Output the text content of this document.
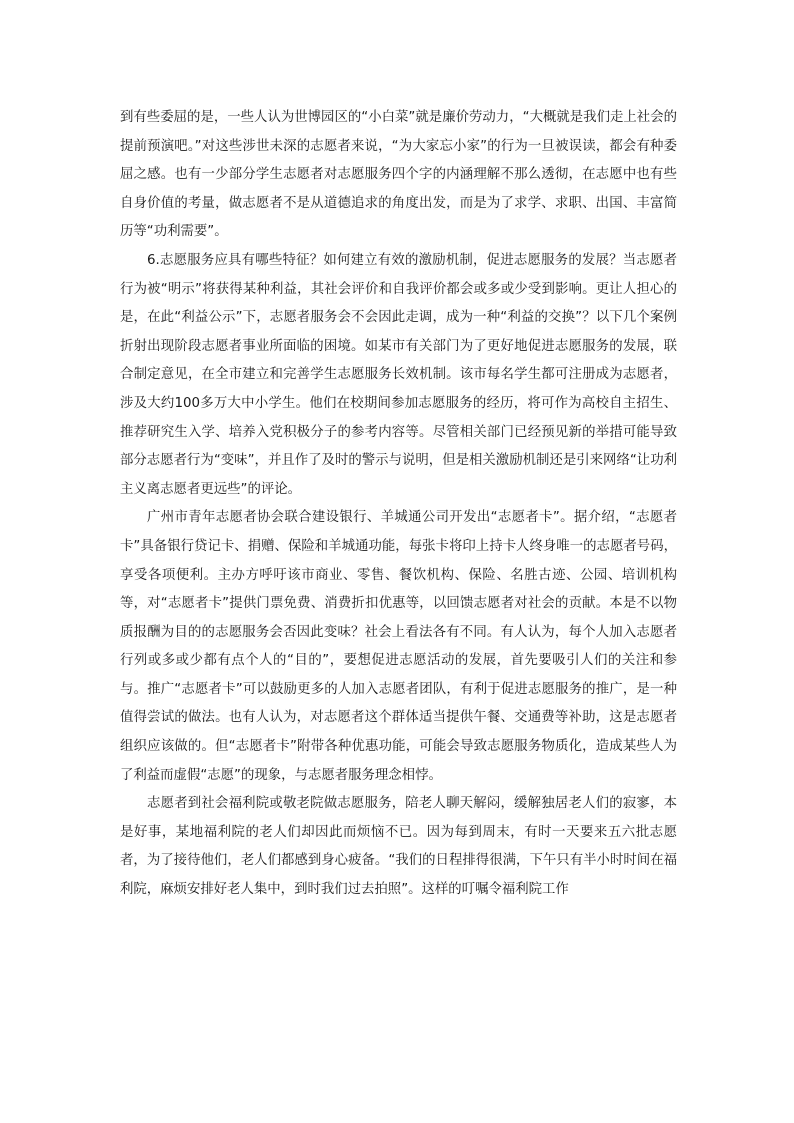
到有些委屈的是，一些人认为世博园区的“小白菜”就是廉价劳动力，“大概就是我们走上社会的提前预演吧。”对这些涉世未深的志愿者来说，“为大家忘小家”的行为一旦被误读，都会有种委屈之感。也有一少部分学生志愿者对志愿服务四个字的内涵理解不那么透彻，在志愿中也有些自身价值的考量，做志愿者不是从道德追求的角度出发，而是为了求学、求职、出国、丰富简历等“功利需要”。

6.志愿服务应具有哪些特征？如何建立有效的激励机制，促进志愿服务的发展？当志愿者行为被“明示”将获得某种利益，其社会评价和自我评价都会或多或少受到影响。更让人担心的是，在此“利益公示”下，志愿者服务会不会因此走调，成为一种“利益的交换”？以下几个案例折射出现阶段志愿者事业所面临的困境。如某市有关部门为了更好地促进志愿服务的发展，联合制定意见，在全市建立和完善学生志愿服务长效机制。该市每名学生都可注册成为志愿者，涉及大约100多万大中小学生。他们在校期间参加志愿服务的经历，将可作为高校自主招生、推荐研究生入学、培养入党积极分子的参考内容等。尽管相关部门已经预见新的举措可能导致部分志愿者行为“变味”，并且作了及时的警示与说明，但是相关激励机制还是引来网络“让功利主义离志愿者更远些”的评论。

广州市青年志愿者协会联合建设银行、羊城通公司开发出“志愿者卡”。据介绍，“志愿者卡”具备银行贷记卡、捐赠、保险和羊城通功能，每张卡将印上持卡人终身唯一的志愿者号码，享受各项便利。主办方呼吁该市商业、零售、餐饮机构、保险、名胜古迹、公园、培训机构等，对“志愿者卡”提供门票免费、消费折扣优惠等，以回馈志愿者对社会的贡献。本是不以物质报酬为目的的志愿服务会否因此变味？社会上看法各有不同。有人认为，每个人加入志愿者行列或多或少都有点个人的“目的”，要想促进志愿活动的发展，首先要吸引人们的关注和参与。推广“志愿者卡”可以鼓励更多的人加入志愿者团队，有利于促进志愿服务的推广，是一种值得尝试的做法。也有人认为，对志愿者这个群体适当提供午餐、交通费等补助，这是志愿者组织应该做的。但“志愿者卡”附带各种优惠功能，可能会导致志愿服务物质化，造成某些人为了利益而虚假“志愿”的现象，与志愿者服务理念相悖。

志愿者到社会福利院或敬老院做志愿服务，陪老人聊天解闷，缓解独居老人们的寂寥，本是好事，某地福利院的老人们却因此而烦恼不已。因为每到周末，有时一天要来五六批志愿者，为了接待他们，老人们都感到身心疲备。“我们的日程排得很满，下午只有半小时时间在福利院，麻烦安排好老人集中，到时我们过去拍照”。这样的叮嘱令福利院工作
